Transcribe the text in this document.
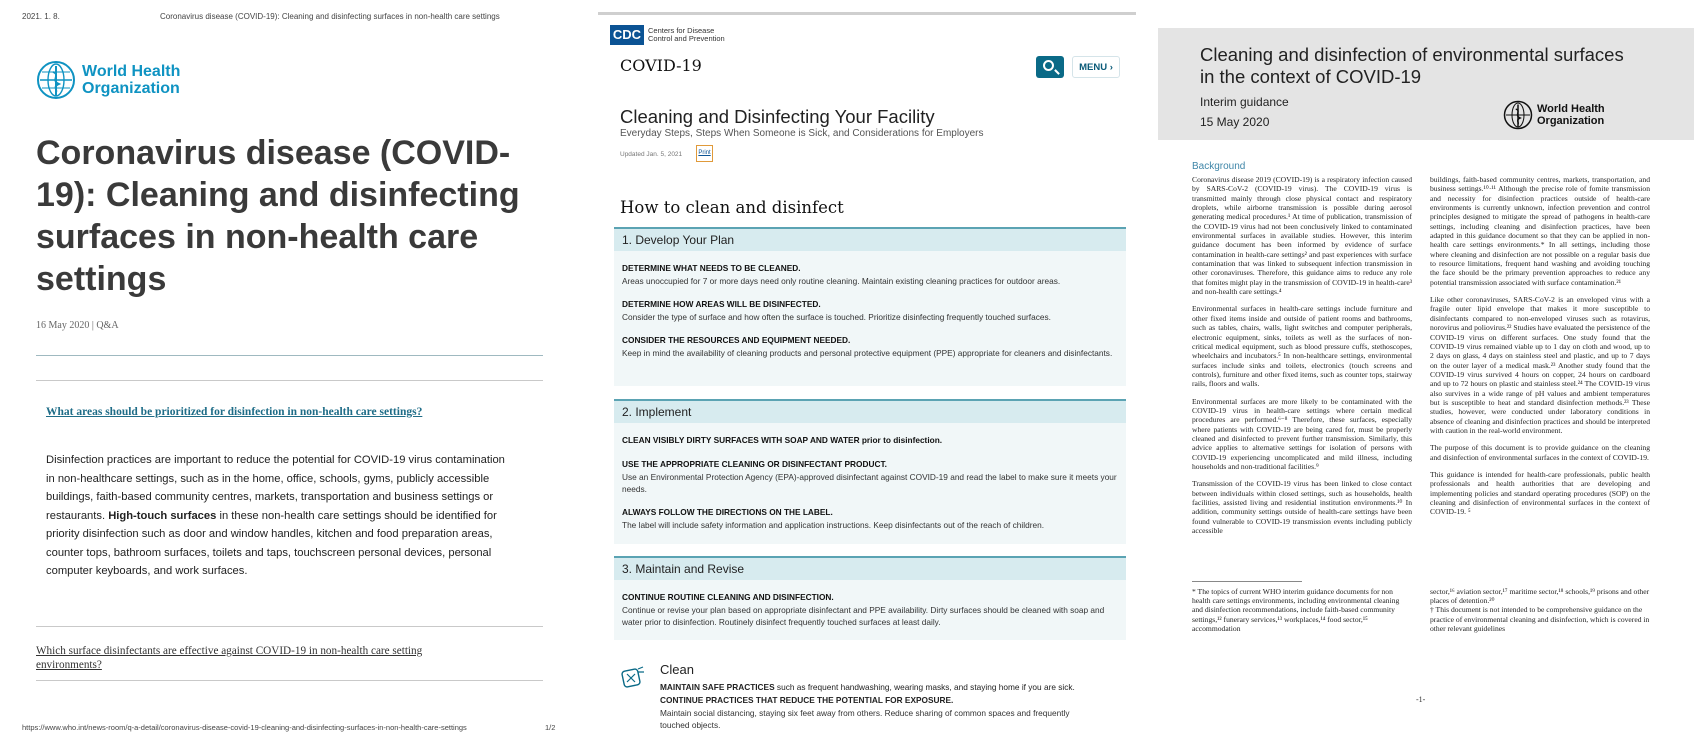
2021. 1. 8.	Coronavirus disease (COVID-19): Cleaning and disinfecting surfaces in non-health care settings
World Health
Organization
Coronavirus disease (COVID-19): Cleaning and disinfecting surfaces in non-health care settings
16 May 2020 | Q&A
What areas should be prioritized for disinfection in non-health care settings?
Disinfection practices are important to reduce the potential for COVID-19 virus contamination in non-healthcare settings, such as in the home, office, schools, gyms, publicly accessible buildings, faith-based community centres, markets, transportation and business settings or restaurants. High-touch surfaces in these non-health care settings should be identified for priority disinfection such as door and window handles, kitchen and food preparation areas, counter tops, bathroom surfaces, toilets and taps, touchscreen personal devices, personal computer keyboards, and work surfaces.
Which surface disinfectants are effective against COVID-19 in non-health care setting environments?
https://www.who.int/news-room/q-a-detail/coronavirus-disease-covid-19-cleaning-and-disinfecting-surfaces-in-non-health-care-settings	1/2
CDC Centers for Disease
Control and Prevention
COVID-19	MENU ›
Cleaning and Disinfecting Your Facility
Everyday Steps, Steps When Someone is Sick, and Considerations for Employers
Updated Jan. 5, 2021	Print
How to clean and disinfect
1. Develop Your Plan
DETERMINE WHAT NEEDS TO BE CLEANED.
Areas unoccupied for 7 or more days need only routine cleaning. Maintain existing cleaning practices for outdoor areas.
DETERMINE HOW AREAS WILL BE DISINFECTED.
Consider the type of surface and how often the surface is touched. Prioritize disinfecting frequently touched surfaces.
CONSIDER THE RESOURCES AND EQUIPMENT NEEDED.
Keep in mind the availability of cleaning products and personal protective equipment (PPE) appropriate for cleaners and disinfectants.
2. Implement
CLEAN VISIBLY DIRTY SURFACES WITH SOAP AND WATER prior to disinfection.
USE THE APPROPRIATE CLEANING OR DISINFECTANT PRODUCT.
Use an Environmental Protection Agency (EPA)-approved disinfectant against COVID-19 and read the label to make sure it meets your needs.
ALWAYS FOLLOW THE DIRECTIONS ON THE LABEL.
The label will include safety information and application instructions. Keep disinfectants out of the reach of children.
3. Maintain and Revise
CONTINUE ROUTINE CLEANING AND DISINFECTION.
Continue or revise your plan based on appropriate disinfectant and PPE availability. Dirty surfaces should be cleaned with soap and water prior to disinfection. Routinely disinfect frequently touched surfaces at least daily.
Clean
MAINTAIN SAFE PRACTICES such as frequent handwashing, wearing masks, and staying home if you are sick.
CONTINUE PRACTICES THAT REDUCE THE POTENTIAL FOR EXPOSURE.
Maintain social distancing, staying six feet away from others. Reduce sharing of common spaces and frequently touched objects.
Cleaning and disinfection of environmental surfaces in the context of COVID-19
Interim guidance
15 May 2020
World Health
Organization
Background

Coronavirus disease 2019 (COVID-19) is a respiratory infection caused by SARS-CoV-2 (COVID-19 virus). The COVID-19 virus is transmitted mainly through close physical contact and respiratory droplets, while airborne transmission is possible during aerosol generating medical procedures.¹ At time of publication, transmission of the COVID-19 virus had not been conclusively linked to contaminated environmental surfaces in available studies. However, this interim guidance document has been informed by evidence of surface contamination in health-care settings² and past experiences with surface contamination that was linked to subsequent infection transmission in other coronaviruses. Therefore, this guidance aims to reduce any role that fomites might play in the transmission of COVID-19 in health-care³ and non-health care settings.⁴

Environmental surfaces in health-care settings include furniture and other fixed items inside and outside of patient rooms and bathrooms, such as tables, chairs, walls, light switches and computer peripherals, electronic equipment, sinks, toilets as well as the surfaces of non-critical medical equipment, such as blood pressure cuffs, stethoscopes, wheelchairs and incubators.⁵ In non-healthcare settings, environmental surfaces include sinks and toilets, electronics (touch screens and controls), furniture and other fixed items, such as counter tops, stairway rails, floors and walls.

Environmental surfaces are more likely to be contaminated with the COVID-19 virus in health-care settings where certain medical procedures are performed.⁶⁻⁸ Therefore, these surfaces, especially where patients with COVID-19 are being cared for, must be properly cleaned and disinfected to prevent further transmission. Similarly, this advice applies to alternative settings for isolation of persons with COVID-19 experiencing uncomplicated and mild illness, including households and non-traditional facilities.⁹

Transmission of the COVID-19 virus has been linked to close contact between individuals within closed settings, such as households, health facilities, assisted living and residential institution environments.¹⁰ In addition, community settings outside of health-care settings have been found vulnerable to COVID-19 transmission events including publicly accessible

buildings, faith-based community centres, markets, transportation, and business settings.¹⁰·¹¹ Although the precise role of fomite transmission and necessity for disinfection practices outside of health-care environments is currently unknown, infection prevention and control principles designed to mitigate the spread of pathogens in health-care settings, including cleaning and disinfection practices, have been adapted in this guidance document so that they can be applied in non-health care settings environments.* In all settings, including those where cleaning and disinfection are not possible on a regular basis due to resource limitations, frequent hand washing and avoiding touching the face should be the primary prevention approaches to reduce any potential transmission associated with surface contamination.²¹

Like other coronaviruses, SARS-CoV-2 is an enveloped virus with a fragile outer lipid envelope that makes it more susceptible to disinfectants compared to non-enveloped viruses such as rotavirus, norovirus and poliovirus.²² Studies have evaluated the persistence of the COVID-19 virus on different surfaces. One study found that the COVID-19 virus remained viable up to 1 day on cloth and wood, up to 2 days on glass, 4 days on stainless steel and plastic, and up to 7 days on the outer layer of a medical mask.²³ Another study found that the COVID-19 virus survived 4 hours on copper, 24 hours on cardboard and up to 72 hours on plastic and stainless steel.²⁴ The COVID-19 virus also survives in a wide range of pH values and ambient temperatures but is susceptible to heat and standard disinfection methods.²³ These studies, however, were conducted under laboratory conditions in absence of cleaning and disinfection practices and should be interpreted with caution in the real-world environment.

The purpose of this document is to provide guidance on the cleaning and disinfection of environmental surfaces in the context of COVID-19.

This guidance is intended for health-care professionals, public health professionals and health authorities that are developing and implementing policies and standard operating procedures (SOP) on the cleaning and disinfection of environmental surfaces in the context of COVID-19. ⁵

* The topics of current WHO interim guidance documents for non health care settings environments, including environmental cleaning and disinfection recommendations, include faith-based community settings,¹² funerary services,¹³ workplaces,¹⁴ food sector,¹⁵ accommodation
sector,¹⁶ aviation sector,¹⁷ maritime sector,¹⁸ schools,¹⁹ prisons and other places of detention.²⁰
† This document is not intended to be comprehensive guidance on the practice of environmental cleaning and disinfection, which is covered in other relevant guidelines
-1-
